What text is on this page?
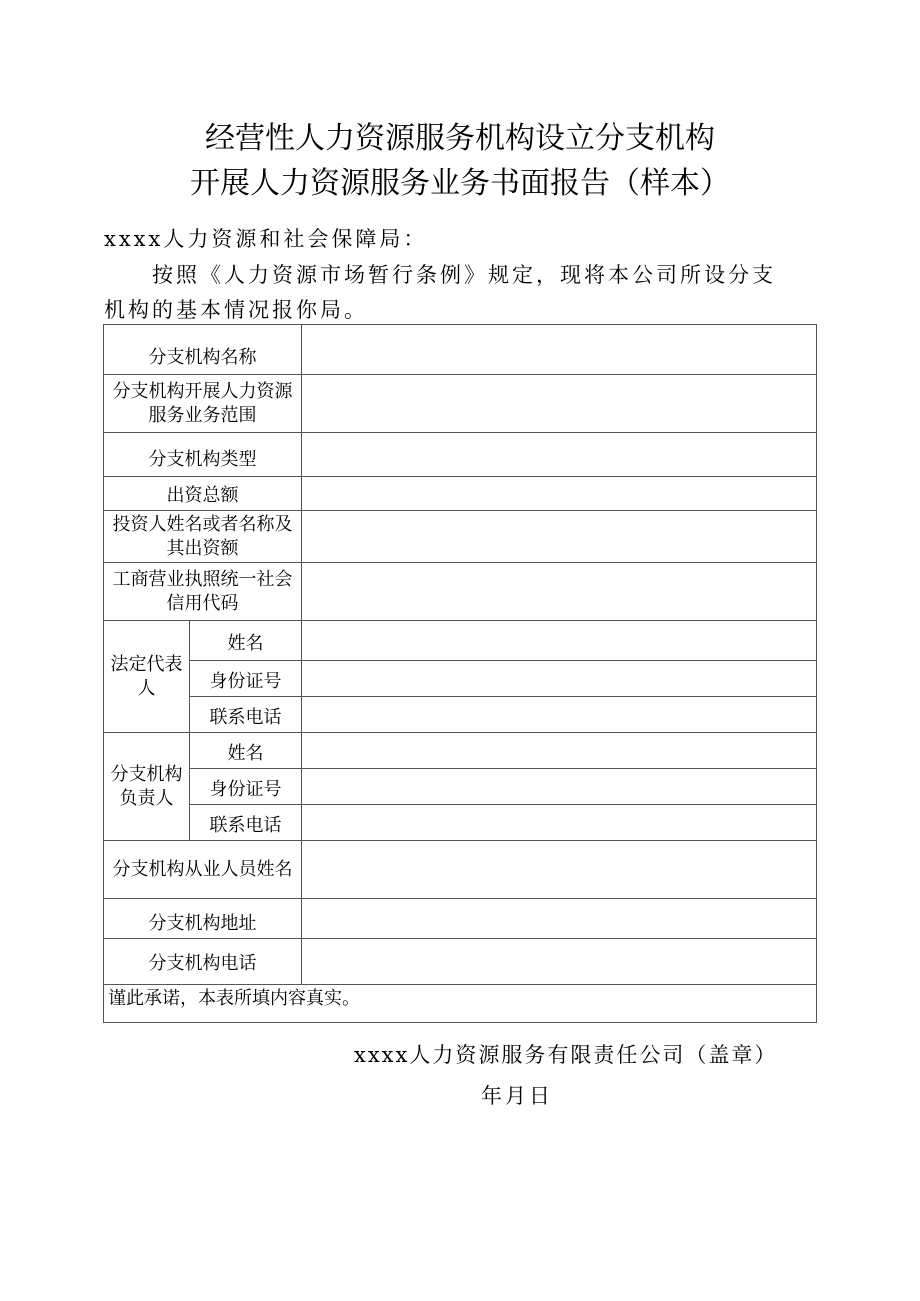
经营性人力资源服务机构设立分支机构
开展人力资源服务业务书面报告（样本）
xxxx人力资源和社会保障局：
按照《人力资源市场暂行条例》规定，现将本公司所设分支
机构的基本情况报你局。
分支机构名称
分支机构开展人力资源服务业务范围
分支机构类型
出资总额
投资人姓名或者名称及其出资额
工商营业执照统一社会信用代码
法定代表人
姓名
身份证号
联系电话
分支机构负责人
姓名
身份证号
联系电话
分支机构从业人员姓名
分支机构地址
分支机构电话
谨此承诺，本表所填内容真实。
xxxx人力资源服务有限责任公司（盖章）
年月日
